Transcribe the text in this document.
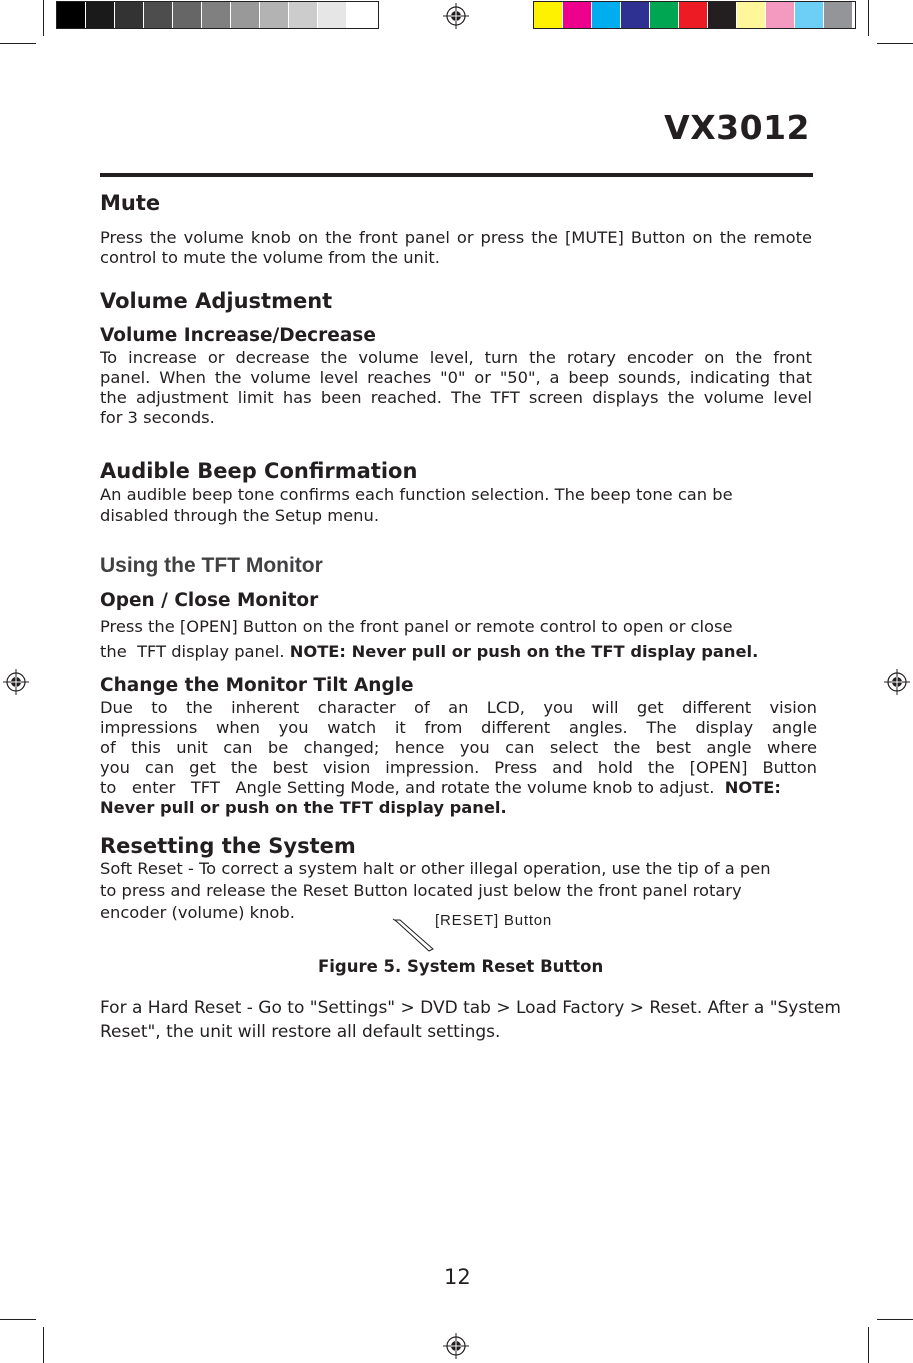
VX3012
Mute

Press the volume knob on the front panel or press the [MUTE] Button on the remote control to mute the volume from the unit.

Volume Adjustment
Volume Increase/Decrease

To increase or decrease the volume level, turn the rotary encoder on the front

panel. When the volume level reaches "0" or "50", a beep sounds, indicating that

the adjustment limit has been reached. The TFT screen displays the volume level

for 3 seconds.

Audible Beep Confirmation

An audible beep tone confirms each function selection. The beep tone can be

disabled through the Setup menu.

Using the TFT Monitor
Open / Close Monitor

Press the [OPEN] Button on the front panel or remote control to open or close

the  TFT display panel. NOTE: Never pull or push on the TFT display panel.

Change the Monitor Tilt Angle

Due to the inherent character of an LCD, you will get different vision

impressions when you watch it from different angles. The display angle

of this unit can be changed; hence you can select the best angle where

you can get the best vision impression. Press and hold the [OPEN] Button

to   enter   TFT   Angle Setting Mode, and rotate the volume knob to adjust.  NOTE:

Never pull or push on the TFT display panel.

Resetting the System

Soft Reset - To correct a system halt or other illegal operation, use the tip of a pen

to press and release the Reset Button located just below the front panel rotary

encoder (volume) knob.	[RESET] Button
Figure 5. System Reset Button

For a Hard Reset - Go to "Settings" > DVD tab > Load Factory > Reset. After a "System

Reset", the unit will restore all default settings.

12
